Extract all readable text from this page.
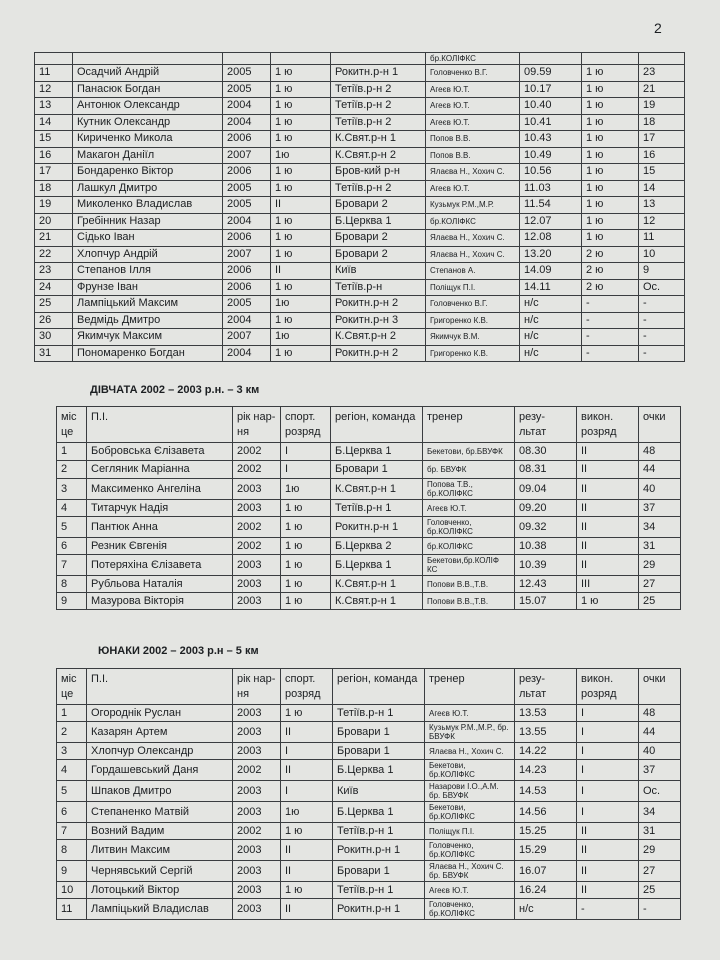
2
					бр.КОЛІФКС			
11	Осадчий Андрій	2005	1 ю	Рокитн.р-н 1	Головченко В.Г.	09.59	1 ю	23
12	Панасюк Богдан	2005	1 ю	Тетіїв.р-н 2	Агеєв Ю.Т.	10.17	1 ю	21
13	Антонюк Олександр	2004	1 ю	Тетіїв.р-н 2	Агеєв Ю.Т.	10.40	1 ю	19
14	Кутник Олександр	2004	1 ю	Тетіїв.р-н 2	Агеєв Ю.Т.	10.41	1 ю	18
15	Кириченко Микола	2006	1 ю	К.Свят.р-н 1	Попов В.В.	10.43	1 ю	17
16	Макагон Даніїл	2007	1ю	К.Свят.р-н 2	Попов В.В.	10.49	1 ю	16
17	Бондаренко Віктор	2006	1 ю	Бров-кий р-н	Ялаєва Н., Хохич С.	10.56	1 ю	15
18	Лашкул Дмитро	2005	1 ю	Тетіїв.р-н 2	Агеєв Ю.Т.	11.03	1 ю	14
19	Миколенко Владислав	2005	ІІ	Бровари 2	Кузьмук Р.М.,М.Р.	11.54	1 ю	13
20	Гребінник Назар	2004	1 ю	Б.Церква 1	бр.КОЛІФКС	12.07	1 ю	12
21	Сідько Іван	2006	1 ю	Бровари 2	Ялаєва Н., Хохич С.	12.08	1 ю	11
22	Хлопчур Андрій	2007	1 ю	Бровари 2	Ялаєва Н., Хохич С.	13.20	2 ю	10
23	Степанов Ілля	2006	ІІ	Київ	Степанов А.	14.09	2 ю	9
24	Фрунзе Іван	2006	1 ю	Тетіїв.р-н	Поліщук П.І.	14.11	2 ю	Ос.
25	Лампіцький Максим	2005	1ю	Рокитн.р-н 2	Головченко В.Г.	н/с	-	-
26	Ведмідь Дмитро	2004	1 ю	Рокитн.р-н 3	Григоренко К.В.	н/с	-	-
30	Якимчук Максим	2007	1ю	К.Свят.р-н 2	Якимчук В.М.	н/с	-	-
31	Пономаренко Богдан	2004	1 ю	Рокитн.р-н 2	Григоренко К.В.	н/с	-	-
ДІВЧАТА 2002 – 2003 р.н. – 3 км
міс це	П.І.	рік нар-ня	спорт. розряд	регіон, команда	тренер	резу- льтат	викон. розряд	очки
1	Бобровська Єлізавета	2002	І	Б.Церква 1	Бекетови, бр.БВУФК	08.30	ІІ	48
2	Сегляник Маріанна	2002	І	Бровари 1	бр. БВУФК	08.31	ІІ	44
3	Максименко Ангеліна	2003	1ю	К.Свят.р-н 1	Попова Т.В., бр.КОЛІФКС	09.04	ІІ	40
4	Титарчук Надія	2003	1 ю	Тетіїв.р-н 1	Агеєв Ю.Т.	09.20	ІІ	37
5	Пантюк Анна	2002	1 ю	Рокитн.р-н 1	Головченко, бр.КОЛІФКС	09.32	ІІ	34
6	Резник Євгенія	2002	1 ю	Б.Церква 2	бр.КОЛІФКС	10.38	ІІ	31
7	Потеряхіна Єлізавета	2003	1 ю	Б.Церква 1	Бекетови,бр.КОЛІФ КС	10.39	ІІ	29
8	Рубльова Наталія	2003	1 ю	К.Свят.р-н 1	Попови В.В.,Т.В.	12.43	ІІІ	27
9	Мазурова Вікторія	2003	1 ю	К.Свят.р-н 1	Попови В.В.,Т.В.	15.07	1 ю	25
ЮНАКИ 2002 – 2003 р.н – 5 км
міс це	П.І.	рік нар-ня	спорт. розряд	регіон, команда	тренер	резу- льтат	викон. розряд	очки
1	Огороднік Руслан	2003	1 ю	Тетіїв.р-н 1	Агеєв Ю.Т.	13.53	І	48
2	Казарян Артем	2003	ІІ	Бровари 1	Кузьмук Р.М.,М.Р., бр. БВУФК	13.55	І	44
3	Хлопчур Олександр	2003	І	Бровари 1	Ялаєва Н., Хохич С.	14.22	І	40
4	Гордашевський Даня	2002	ІІ	Б.Церква 1	Бекетови, бр.КОЛІФКС	14.23	І	37
5	Шпаков Дмитро	2003	І	Київ	Назарови І.О.,А.М. бр. БВУФК	14.53	І	Ос.
6	Степаненко Матвій	2003	1ю	Б.Церква 1	Бекетови, бр.КОЛІФКС	14.56	І	34
7	Возний Вадим	2002	1 ю	Тетіїв.р-н 1	Поліщук П.І.	15.25	ІІ	31
8	Литвин Максим	2003	ІІ	Рокитн.р-н 1	Головченко, бр.КОЛІФКС	15.29	ІІ	29
9	Чернявський Сергій	2003	ІІ	Бровари 1	Ялаєва Н., Хохич С. бр. БВУФК	16.07	ІІ	27
10	Лотоцький Віктор	2003	1 ю	Тетіїв.р-н 1	Агеєв Ю.Т.	16.24	ІІ	25
11	Лампіцький Владислав	2003	ІІ	Рокитн.р-н 1	Головченко, бр.КОЛІФКС	н/с	-	-
